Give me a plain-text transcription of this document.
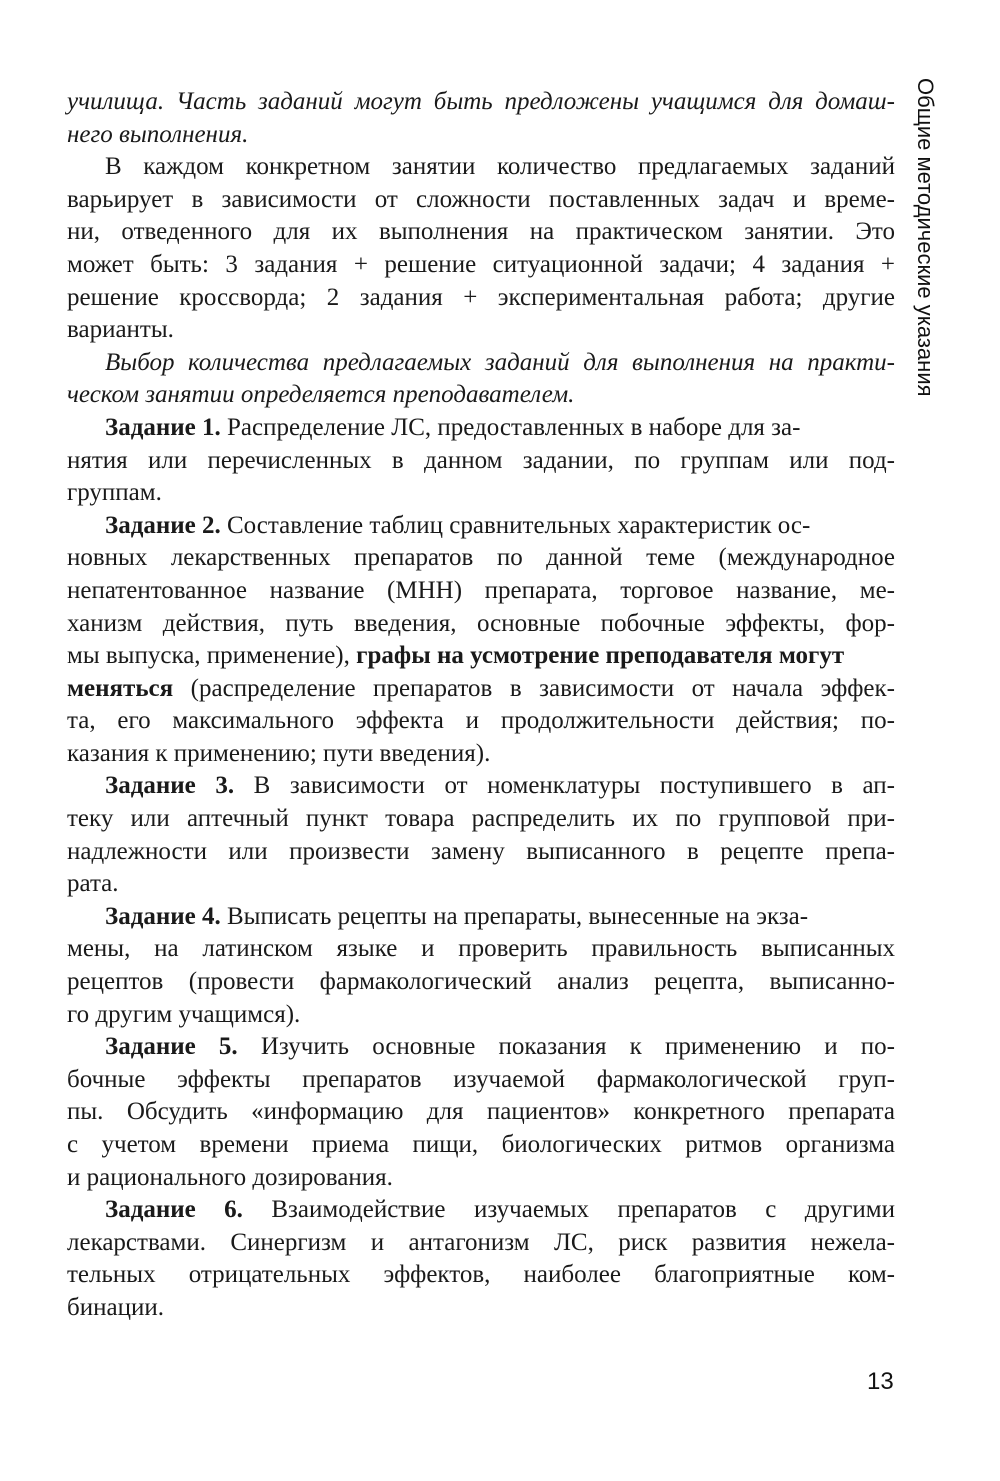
Общие методические указания
училища. Часть заданий могут быть предложены учащимся для домаш-
него выполнения.
В каждом конкретном занятии количество предлагаемых заданий
варьирует в зависимости от сложности поставленных задач и време-
ни, отведенного для их выполнения на практическом занятии. Это
может быть: 3 задания + решение ситуационной задачи; 4 задания +
решение кроссворда; 2 задания + экспериментальная работа; другие
варианты.
Выбор количества предлагаемых заданий для выполнения на практи-
ческом занятии определяется преподавателем.
Задание 1. Распределение ЛС, предоставленных в наборе для за-
нятия или перечисленных в данном задании, по группам или под-
группам.
Задание 2. Составление таблиц сравнительных характеристик ос-
новных лекарственных препаратов по данной теме (международное
непатентованное название (МНН) препарата, торговое название, ме-
ханизм действия, путь введения, основные побочные эффекты, фор-
мы выпуска, применение), графы на усмотрение преподавателя могут
меняться (распределение препаратов в зависимости от начала эффек-
та, его максимального эффекта и продолжительности действия; по-
казания к применению; пути введения).
Задание 3. В зависимости от номенклатуры поступившего в ап-
теку или аптечный пункт товара распределить их по групповой при-
надлежности или произвести замену выписанного в рецепте препа-
рата.
Задание 4. Выписать рецепты на препараты, вынесенные на экза-
мены, на латинском языке и проверить правильность выписанных
рецептов (провести фармакологический анализ рецепта, выписанно-
го другим учащимся).
Задание 5. Изучить основные показания к применению и по-
бочные эффекты препаратов изучаемой фармакологической груп-
пы. Обсудить «информацию для пациентов» конкретного препарата
с учетом времени приема пищи, биологических ритмов организма
и рационального дозирования.
Задание 6. Взаимодействие изучаемых препаратов с другими
лекарствами. Синергизм и антагонизм ЛС, риск развития нежела-
тельных отрицательных эффектов, наиболее благоприятные ком-
бинации.
13
